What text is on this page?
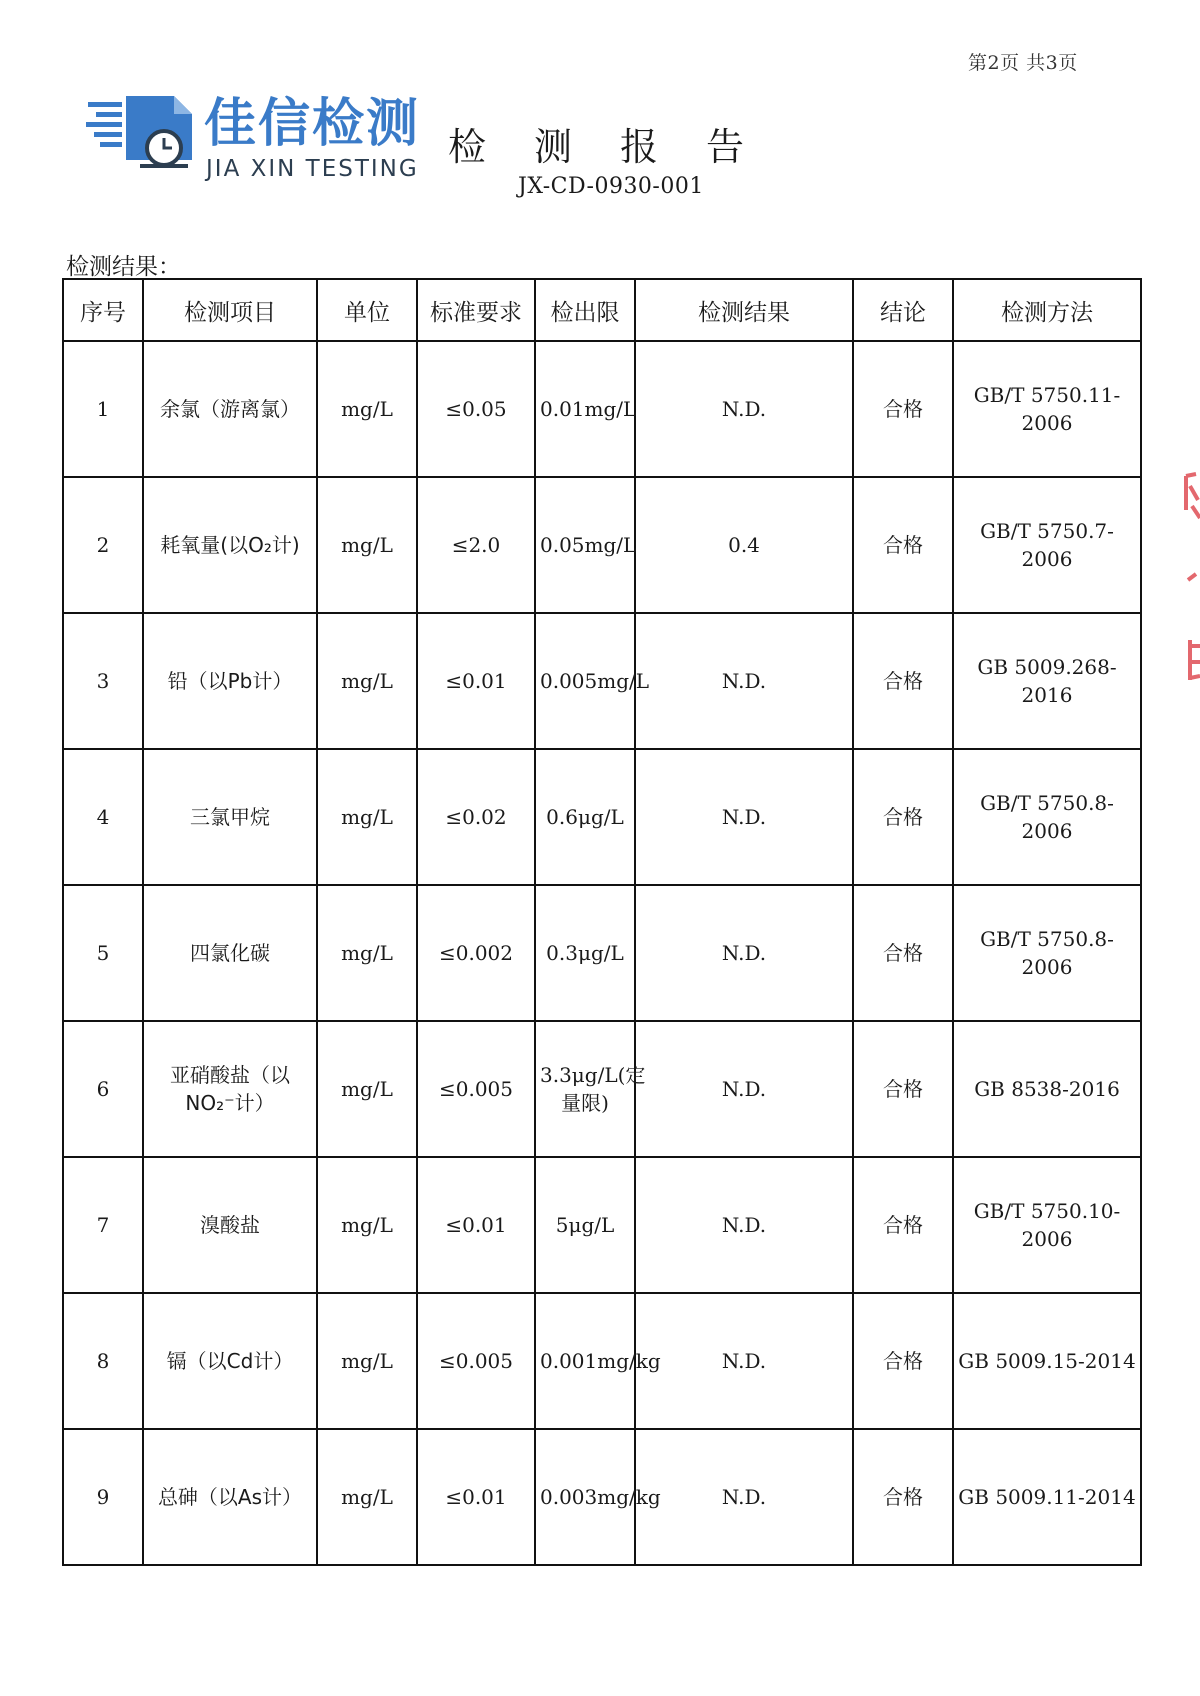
第2页 共3页
佳信检测
JIA XIN TESTING 检测报告
JX-CD-0930-001
检测结果：
序号	检测项目	单位	标准要求	检出限	检测结果	结论	检测方法
1	余氯（游离氯）	mg/L	≤0.05	0.01mg/L	N.D.	合格	GB/T 5750.11-2006
2	耗氧量(以O₂计)	mg/L	≤2.0	0.05mg/L	0.4	合格	GB/T 5750.7-2006
3	铅（以Pb计）	mg/L	≤0.01	0.005mg/L	N.D.	合格	GB 5009.268-2016
4	三氯甲烷	mg/L	≤0.02	0.6μg/L	N.D.	合格	GB/T 5750.8-2006
5	四氯化碳	mg/L	≤0.002	0.3μg/L	N.D.	合格	GB/T 5750.8-2006
6	亚硝酸盐（以NO₂⁻计）	mg/L	≤0.005	3.3μg/L(定量限)	N.D.	合格	GB 8538-2016
7	溴酸盐	mg/L	≤0.01	5μg/L	N.D.	合格	GB/T 5750.10-2006
8	镉（以Cd计）	mg/L	≤0.005	0.001mg/kg	N.D.	合格	GB 5009.15-2014
9	总砷（以As计）	mg/L	≤0.01	0.003mg/kg	N.D.	合格	GB 5009.11-2014
